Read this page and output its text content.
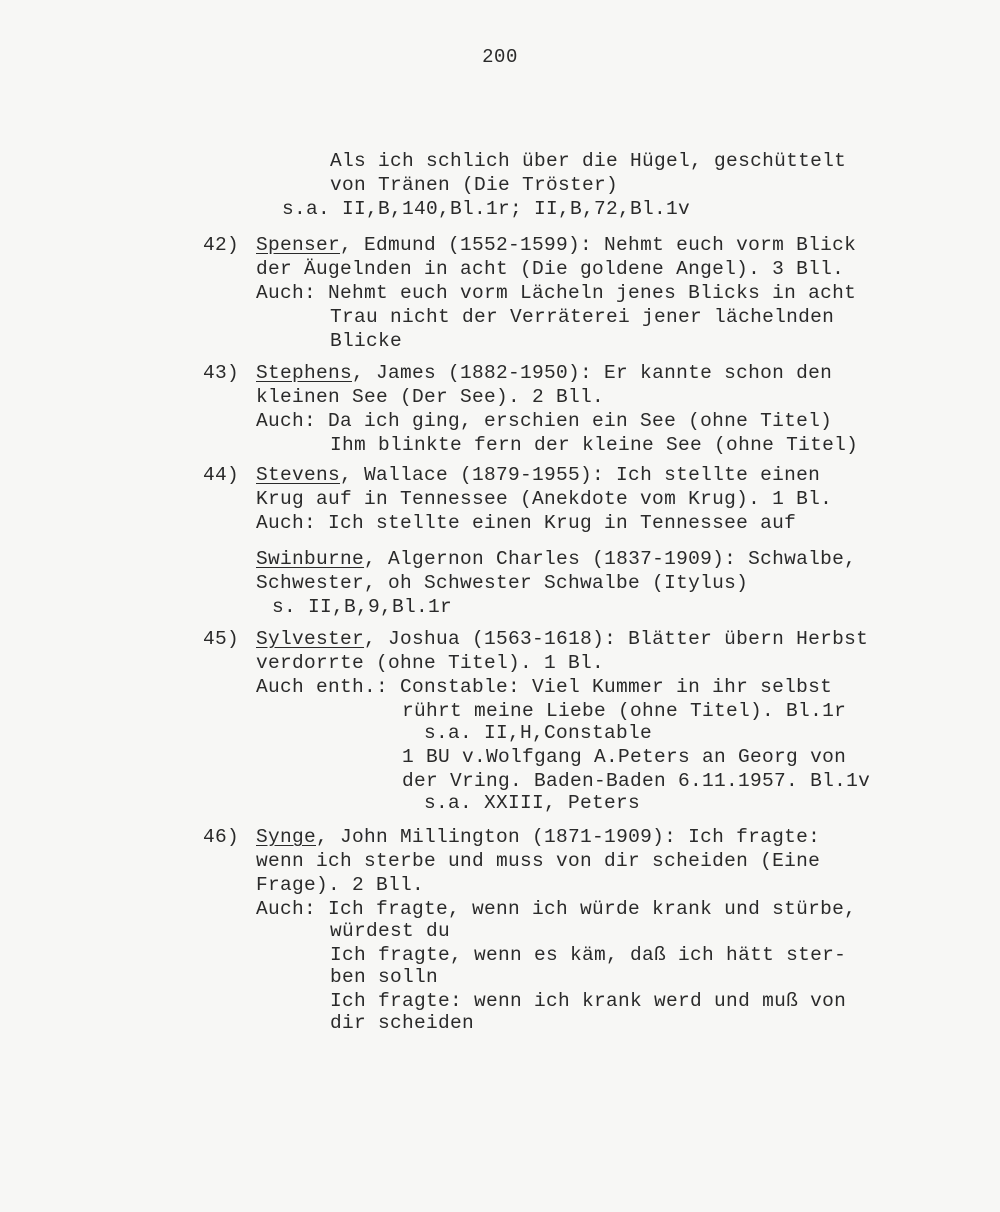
200
Als ich schlich über die Hügel, geschüttelt
von Tränen (Die Tröster)
s.a. II,B,140,Bl.1r; II,B,72,Bl.1v
42) Spenser, Edmund (1552-1599): Nehmt euch vorm Blick
der Äugelnden in acht (Die goldene Angel). 3 Bll.
Auch: Nehmt euch vorm Lächeln jenes Blicks in acht
Trau nicht der Verräterei jener lächelnden
Blicke
43) Stephens, James (1882-1950): Er kannte schon den
kleinen See (Der See). 2 Bll.
Auch: Da ich ging, erschien ein See (ohne Titel)
Ihm blinkte fern der kleine See (ohne Titel)
44) Stevens, Wallace (1879-1955): Ich stellte einen
Krug auf in Tennessee (Anekdote vom Krug). 1 Bl.
Auch: Ich stellte einen Krug in Tennessee auf
Swinburne, Algernon Charles (1837-1909): Schwalbe,
Schwester, oh Schwester Schwalbe (Itylus)
s. II,B,9,Bl.1r
45) Sylvester, Joshua (1563-1618): Blätter übern Herbst
verdorrte (ohne Titel). 1 Bl.
Auch enth.: Constable: Viel Kummer in ihr selbst
rührt meine Liebe (ohne Titel). Bl.1r
s.a. II,H,Constable
1 BU v.Wolfgang A.Peters an Georg von
der Vring. Baden-Baden 6.11.1957. Bl.1v
s.a. XXIII, Peters
46) Synge, John Millington (1871-1909): Ich fragte:
wenn ich sterbe und muss von dir scheiden (Eine
Frage). 2 Bll.
Auch: Ich fragte, wenn ich würde krank und stürbe,
würdest du
Ich fragte, wenn es käm, daß ich hätt ster-
ben solln
Ich fragte: wenn ich krank werd und muß von
dir scheiden
